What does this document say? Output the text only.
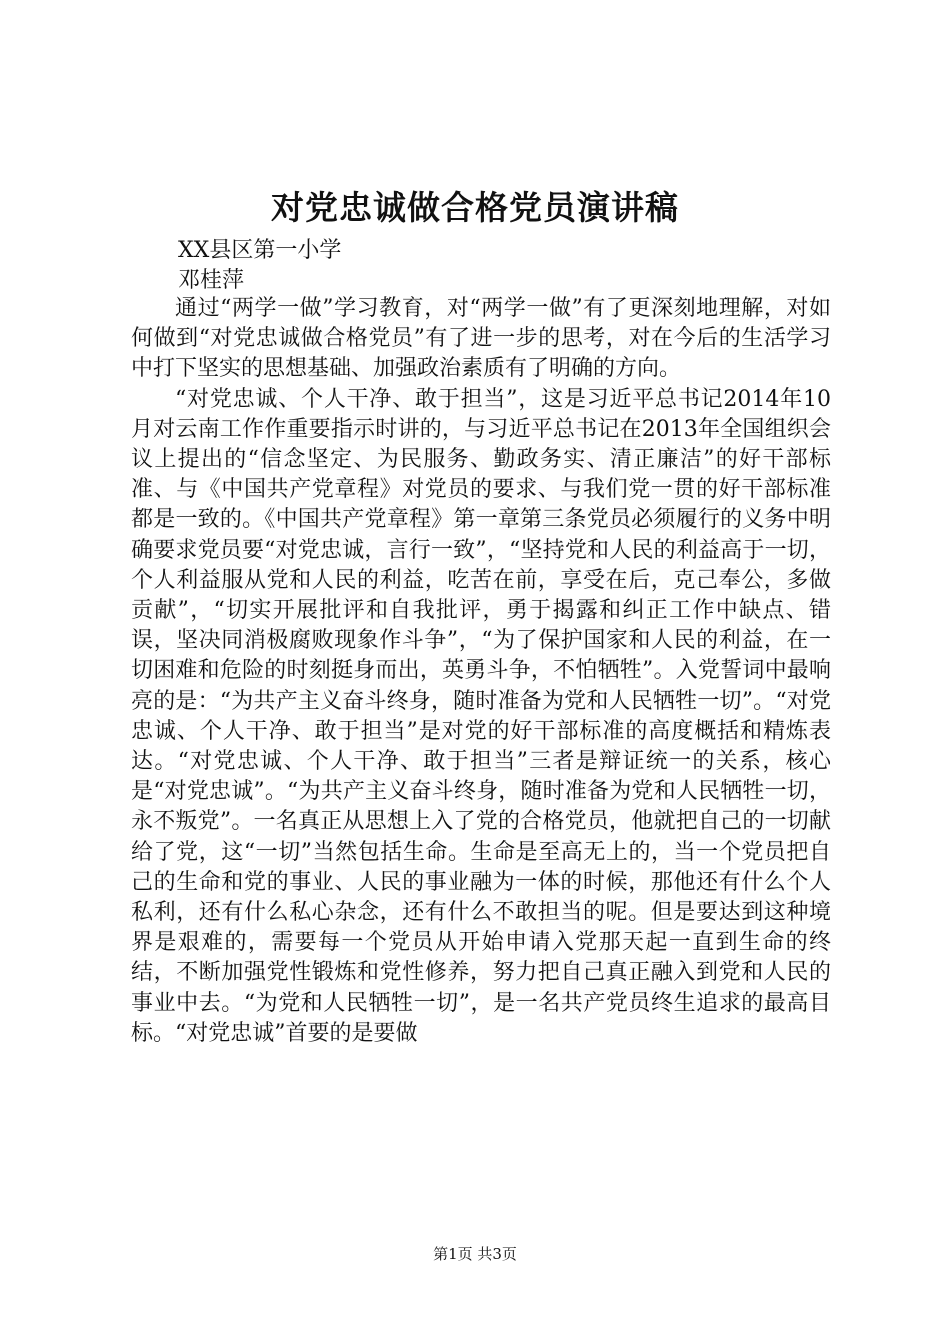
对党忠诚做合格党员演讲稿
XX县区第一小学
邓桂萍

通过“两学一做”学习教育，对“两学一做”有了更深刻地理解，对如何做到“对党忠诚做合格党员”有了进一步的思考，对在今后的生活学习中打下坚实的思想基础、加强政治素质有了明确的方向。

“对党忠诚、个人干净、敢于担当”，这是习近平总书记2014年10月对云南工作作重要指示时讲的，与习近平总书记在2013年全国组织会议上提出的“信念坚定、为民服务、勤政务实、清正廉洁”的好干部标准、与《中国共产党章程》对党员的要求、与我们党一贯的好干部标准都是一致的。《中国共产党章程》第一章第三条党员必须履行的义务中明确要求党员要“对党忠诚，言行一致”，“坚持党和人民的利益高于一切，个人利益服从党和人民的利益，吃苦在前，享受在后，克己奉公，多做贡献”，“切实开展批评和自我批评，勇于揭露和纠正工作中缺点、错误，坚决同消极腐败现象作斗争”，“为了保护国家和人民的利益，在一切困难和危险的时刻挺身而出，英勇斗争，不怕牺牲”。入党誓词中最响亮的是：“为共产主义奋斗终身，随时准备为党和人民牺牲一切”。“对党忠诚、个人干净、敢于担当”是对党的好干部标准的高度概括和精炼表达。“对党忠诚、个人干净、敢于担当”三者是辩证统一的关系，核心是“对党忠诚”。“为共产主义奋斗终身，随时准备为党和人民牺牲一切，永不叛党”。一名真正从思想上入了党的合格党员，他就把自己的一切献给了党，这“一切”当然包括生命。生命是至高无上的，当一个党员把自己的生命和党的事业、人民的事业融为一体的时候，那他还有什么个人私利，还有什么私心杂念，还有什么不敢担当的呢。但是要达到这种境界是艰难的，需要每一个党员从开始申请入党那天起一直到生命的终结，不断加强党性锻炼和党性修养，努力把自己真正融入到党和人民的事业中去。“为党和人民牺牲一切”，是一名共产党员终生追求的最高目标。“对党忠诚”首要的是要做

第1页 共3页
